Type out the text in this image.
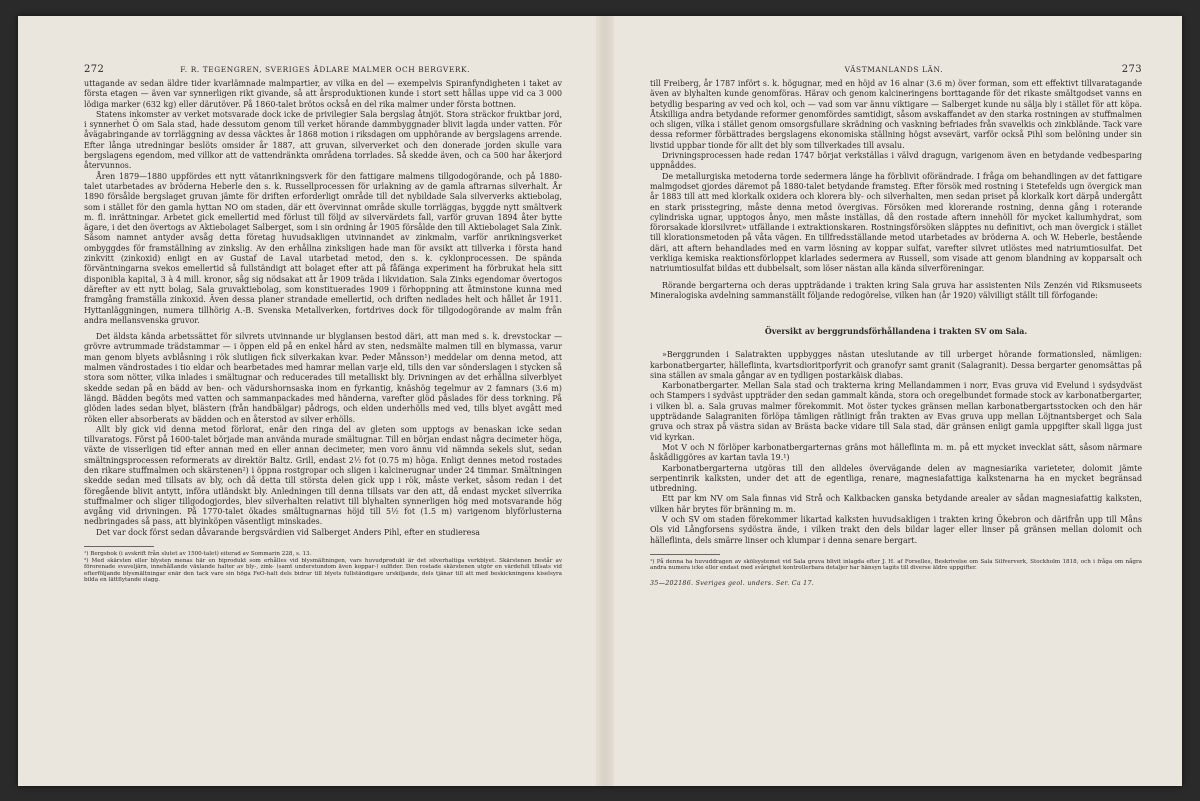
272	F. R. TEGENGREN, SVERIGES ÄDLARE MALMER OCH BERGVERK.

uttagande av sedan äldre tider kvarlämnade malmpartier, av vilka en del — exempelvis Spiranfyndigheten i taket av första etagen — även var synnerligen rikt givande, så att årsproduktionen kunde i stort sett hållas uppe vid ca 3 000 lödiga marker (632 kg) eller därutöver. På 1860-talet brötos också en del rika malmer under första bottnen.

Statens inkomster av verket motsvarade dock icke de privilegier Sala bergslag åtnjöt. Stora sträckor fruktbar jord, i synnerhet Ö om Sala stad, hade dessutom genom till verket hörande dammbyggnader blivit lagda under vatten. För åvägabringande av torrläggning av dessa väcktes år 1868 motion i riksdagen om upphörande av bergslagens arrende. Efter långa utredningar beslöts omsider år 1887, att gruvan, silververket och den donerade jorden skulle vara bergslagens egendom, med villkor att de vattendränkta områdena torrlades. Så skedde även, och ca 500 har åkerjord återvunnos.

Åren 1879—1880 uppfördes ett nytt vätanrikningsverk för den fattigare malmens tillgodogörande, och på 1880-talet utarbetades av bröderna Heberle den s. k. Russellprocessen för urlakning av de gamla aftrarnas silverhalt. År 1890 försålde bergslaget gruvan jämte för driften erforderligt område till det nybildade Sala silververks aktiebolag, som i stället för den gamla hyttan NO om staden, där ett övervinnat område skulle torrläggas, byggde nytt smältverk m. fl. inrättningar. Arbetet gick emellertid med förlust till följd av silvervärdets fall, varför gruvan 1894 åter bytte ägare, i det den övertogs av Aktiebolaget Salberget, som i sin ordning år 1905 försålde den till Aktiebolaget Sala Zink. Såsom namnet antyder avsåg detta företag huvudsakligen utvinnandet av zinkmalm, varför anrikningsverket ombyggdes för framställning av zinkslig. Av den erhållna zinksligen hade man för avsikt att tillverka i första hand zinkvitt (zinkoxid) enligt en av Gustaf de Laval utarbetad metod, den s. k. cyklonprocessen. De spända förväntningarna svekos emellertid så fullständigt att bolaget efter att på fåfänga experiment ha förbrukat hela sitt disponibla kapital, 3 à 4 mill. kronor, såg sig nödsakat att år 1909 träda i likvidation. Sala Zinks egendomar övertogos därefter av ett nytt bolag, Sala gruvaktiebolag, som konstituerades 1909 i förhoppning att åtminstone kunna med framgång framställa zinkoxid. Även dessa planer strandade emellertid, och driften nedlades helt och hållet år 1911. Hyttanläggningen, numera tillhörig A.-B. Svenska Metallverken, fortdrives dock för tillgodogörande av malm från andra mellansvenska gruvor.

Det äldsta kända arbetssättet för silvrets utvinnande ur blyglansen bestod däri, att man med s. k. drevstockar — grövre avtrummade trädstammar — i öppen eld på en enkel hård av sten, nedsmälte malmen till en blymassa, varur man genom blyets avblåsning i rök slutligen fick silverkakan kvar. Peder Månsson¹) meddelar om denna metod, att malmen vändrostades i tio eldar och bearbetades med hamrar mellan varje eld, tills den var sönderslagen i stycken så stora som nötter, vilka inlades i smältugnar och reducerades till metalliskt bly. Drivningen av det erhållna silverblyet skedde sedan på en bädd av ben- och vädurshornsaska inom en fyrkantig, knäshög tegelmur av 2 famnars (3.6 m) längd. Bädden begöts med vatten och sammanpackades med händerna, varefter glöd påslades för dess torkning. På glöden lades sedan blyet, blästern (från handbälgar) pådrogs, och elden underhölls med ved, tills blyet avgått med röken eller absorberats av bädden och en återstod av silver erhölls.

Allt bly gick vid denna metod förlorat, enär den ringa del av gleten som upptogs av benaskan icke sedan tillvaratogs. Först på 1600-talet började man använda murade smältugnar. Till en början endast några decimeter höga, växte de visserligen tid efter annan med en eller annan decimeter, men voro ännu vid nämnda sekels slut, sedan smältningsprocessen reformerats av direktör Baltz. Grill, endast 2½ fot (0.75 m) höga. Enligt dennes metod rostades den rikare stuffmalmen och skärstenen²) i öppna rostgropar och sligen i kalcinerugnar under 24 timmar. Smältningen skedde sedan med tillsats av bly, och då detta till största delen gick upp i rök, måste verket, såsom redan i det föregående blivit antytt, införa utländskt bly. Anledningen till denna tillsats var den att, då endast mycket silverrika stuffmalmer och sliger tillgodogjordes, blev silverhalten relativt till blyhalten synnerligen hög med motsvarande hög avgång vid drivningen. På 1770-talet ökades smältugnarnas höjd till 5½ fot (1.5 m) varigenom blyförlusterna nedbringades så pass, att blyinköpen väsentligt minskades.

Det var dock först sedan dåvarande bergsvärdien vid Salberget Anders Pihl, efter en studieresa

¹) Bergsbok (i avskrift från slutet av 1500-talet) eiterad av Sommarin 228, s. 13.

²) Med skärsten eller blysten menas här en biprodukt som erhålles vid blysmältningen, vars huvudprodukt är det silverhaltiga verkblyet. Skärstenen består av förorenade svaveljärn, innehållande växlande halter av bly-, zink- (samt understundom även koppar-) sulfider. Den rostade skärstenen utgör en värdefull tillsats vid efterföljande blysmältningar enär den tack vare sin höga FeO-halt dels bidrar till blyets fullständigare urskiljande, dels tjänar till att med beskickningens kiselsyra bilda en lättflytande slagg.

VÄSTMANLANDS LÄN.	273

till Freiberg, år 1787 infört s. k. högugnar, med en höjd av 16 alnar (3.6 m) över forman, som ett effektivt tillvaratagande även av blyhalten kunde genomföras. Härav och genom kalcineringens borttagande för det rikaste smältgodset vanns en betydlig besparing av ved och kol, och — vad som var ännu viktigare — Salberget kunde nu sälja bly i stället för att köpa. Åtskilliga andra betydande reformer genomfördes samtidigt, såsom avskaffandet av den starka rostningen av stuffmalmen och sligen, vilka i stället genom omsorgsfullare skrädning och vaskning befriades från svavelkis och zinkblände. Tack vare dessa reformer förbättrades bergslagens ekonomiska ställning högst avsevärt, varför också Pihl som belöning under sin livstid uppbar tionde för allt det bly som tillverkades till avsalu.

Drivningsprocessen hade redan 1747 börjat verkställas i välvd dragugn, varigenom även en betydande vedbesparing uppnåddes.

De metallurgiska metoderna torde sedermera länge ha förblivit oförändrade. I fråga om behandlingen av det fattigare malmgodset gjordes däremot på 1880-talet betydande framsteg. Efter försök med rostning i Stetefelds ugn övergick man år 1883 till att med klorkalk oxidera och klorera bly- och silverhalten, men sedan priset på klorkalk kort därpå undergått en stark prisstegring, måste denna metod övergivas. Försöken med klorerande rostning, denna gång i roterande cylindriska ugnar, upptogos ånyo, men måste inställas, då den rostade aftern innehöll för mycket kaliumhydrat, som förorsakade klorsilvret» utfällande i extraktionskaren. Rostningsförsöken släpptes nu definitivt, och man övergick i stället till klorationsmetoden på våta vägen. En tillfredsställande metod utarbetades av bröderna A. och W. Heberle, bestående däri, att aftern behandlades med en varm lösning av koppar sulfat, varefter silvret utlöstes med natriumtiosulfat. Det verkliga kemiska reaktionsförloppet klarlades sedermera av Russell, som visade att genom blandning av kopparsalt och natriumtiosulfat bildas ett dubbelsalt, som löser nästan alla kända silverföreningar.

Rörande bergarterna och deras uppträdande i trakten kring Sala gruva har assistenten Nils Zenzén vid Riksmuseets Mineralogiska avdelning sammanställt följande redogörelse, vilken han (år 1920) välvilligt ställt till förfogande:

Översikt av berggrundsförhållandena i trakten SV om Sala.

»Berggrunden i Salatrakten uppbygges nästan uteslutande av till urberget hörande formationsled, nämligen: karbonatbergarter, hälleflinta, kvartsdioritporfyrit och granofyr samt granit (Salagranit). Dessa bergarter genomsättas på sina ställen av smala gångar av en tydligen postarkäisk diabas.

Karbonatbergarter. Mellan Sala stad och trakterna kring Mellandammen i norr, Evas gruva vid Evelund i sydsydväst och Stampers i sydväst uppträder den sedan gammalt kända, stora och oregelbundet formade stock av karbonatbergarter, i vilken bl. a. Sala gruvas malmer förekommit. Mot öster tyckes gränsen mellan karbonatbergartsstocken och den här uppträdande Salagraniten förlöpa tämligen rätlinigt från trakten av Evas gruva upp mellan Löjtnantsberget och Sala gruva och strax på västra sidan av Brästa backe vidare till Sala stad, där gränsen enligt gamla uppgifter skall ligga just vid kyrkan.

Mot V och N förlöper karbonatbergarternas gräns mot hälleflinta m. m. på ett mycket invecklat sätt, såsom närmare åskådliggöres av kartan tavla 19.¹)

Karbonatbergarterna utgöras till den alldeles övervägande delen av magnesiarika varieteter, dolomit jämte serpentinrik kalksten, under det att de egentliga, renare, magnesiafattiga kalkstenarna ha en mycket begränsad utbredning.

Ett par km NV om Sala finnas vid Strå och Kalkbacken ganska betydande arealer av sådan magnesiafattig kalksten, vilken här brytes för bränning m. m.

V och SV om staden förekommer likartad kalksten huvudsakligen i trakten kring Ökebron och därifrån upp till Måns Ols vid Långforsens sydöstra ände, i vilken trakt den dels bildar lager eller linser på gränsen mellan dolomit och hälleflinta, dels smärre linser och klumpar i denna senare bergart.

¹) På denna ha huvuddragen av skölsystemet vid Sala gruva blivit inlagda efter J. H. af Forselles, Beskrivelse om Sala Silfververk, Stockholm 1818, och i fråga om några andra numera icke eller endast med svårighet kontrollerbara detaljer har hänsyn tagits till diverse äldre uppgifter.

35—202186. Sveriges geol. unders. Ser. Ca 17.
